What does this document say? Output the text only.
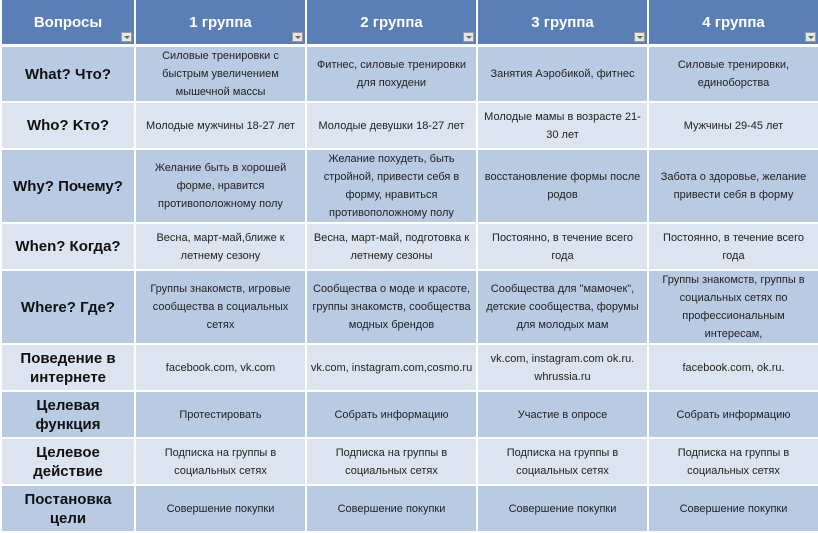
Вопросы	1 группа	2 группа	3 группа	4 группа

What? Что?	Силовые тренировки с быстрым увеличением мышечной массы	Фитнес, силовые тренировки для похудени	Занятия Аэробикой, фитнес	Силовые тренировки, единоборства
Who? Kто?	Молодые мужчины 18-27 лет	Молодые девушки 18-27 лет	Молодые мамы в возрасте 21-30 лет	Мужчины 29-45 лет
Why? Почему?	Желание быть в хорошей форме, нравится противоположному полу	Желание похудеть, быть стройной, привести себя в форму, нравиться противоположному полу	восстановление формы после родов	Забота о здоровье, желание привести себя в форму
When? Когда?	Весна, март-май,ближе к летнему сезону	Весна, март-май, подготовка к летнему сезоны	Постоянно, в течение всего года	Постоянно, в течение всего года
Where? Где?	Группы знакомств, игровые сообщества в социальных сетях	Сообщества о моде и красоте, группы знакомств, сообщества модных брендов	Сообщества для "мамочек", детские сообщества, форумы для молодых мам	Группы знакомств, группы в социальных сетях по профессиональным интересам,
Поведение в интернете	facebook.com, vk.com	vk.com, instagram.com,cosmo.ru	vk.com, instagram.com ok.ru. whrussia.ru	facebook.com, ok.ru.
Целевая функция	Протестировать	Собрать информацию	Участие в опросе	Собрать информацию
Целевое действие	Подписка на группы в социальных сетях	Подписка на группы в социальных сетях	Подписка на группы в социальных сетях	Подписка на группы в социальных сетях
Постановка цели	Совершение покупки	Совершение покупки	Совершение покупки	Совершение покупки
